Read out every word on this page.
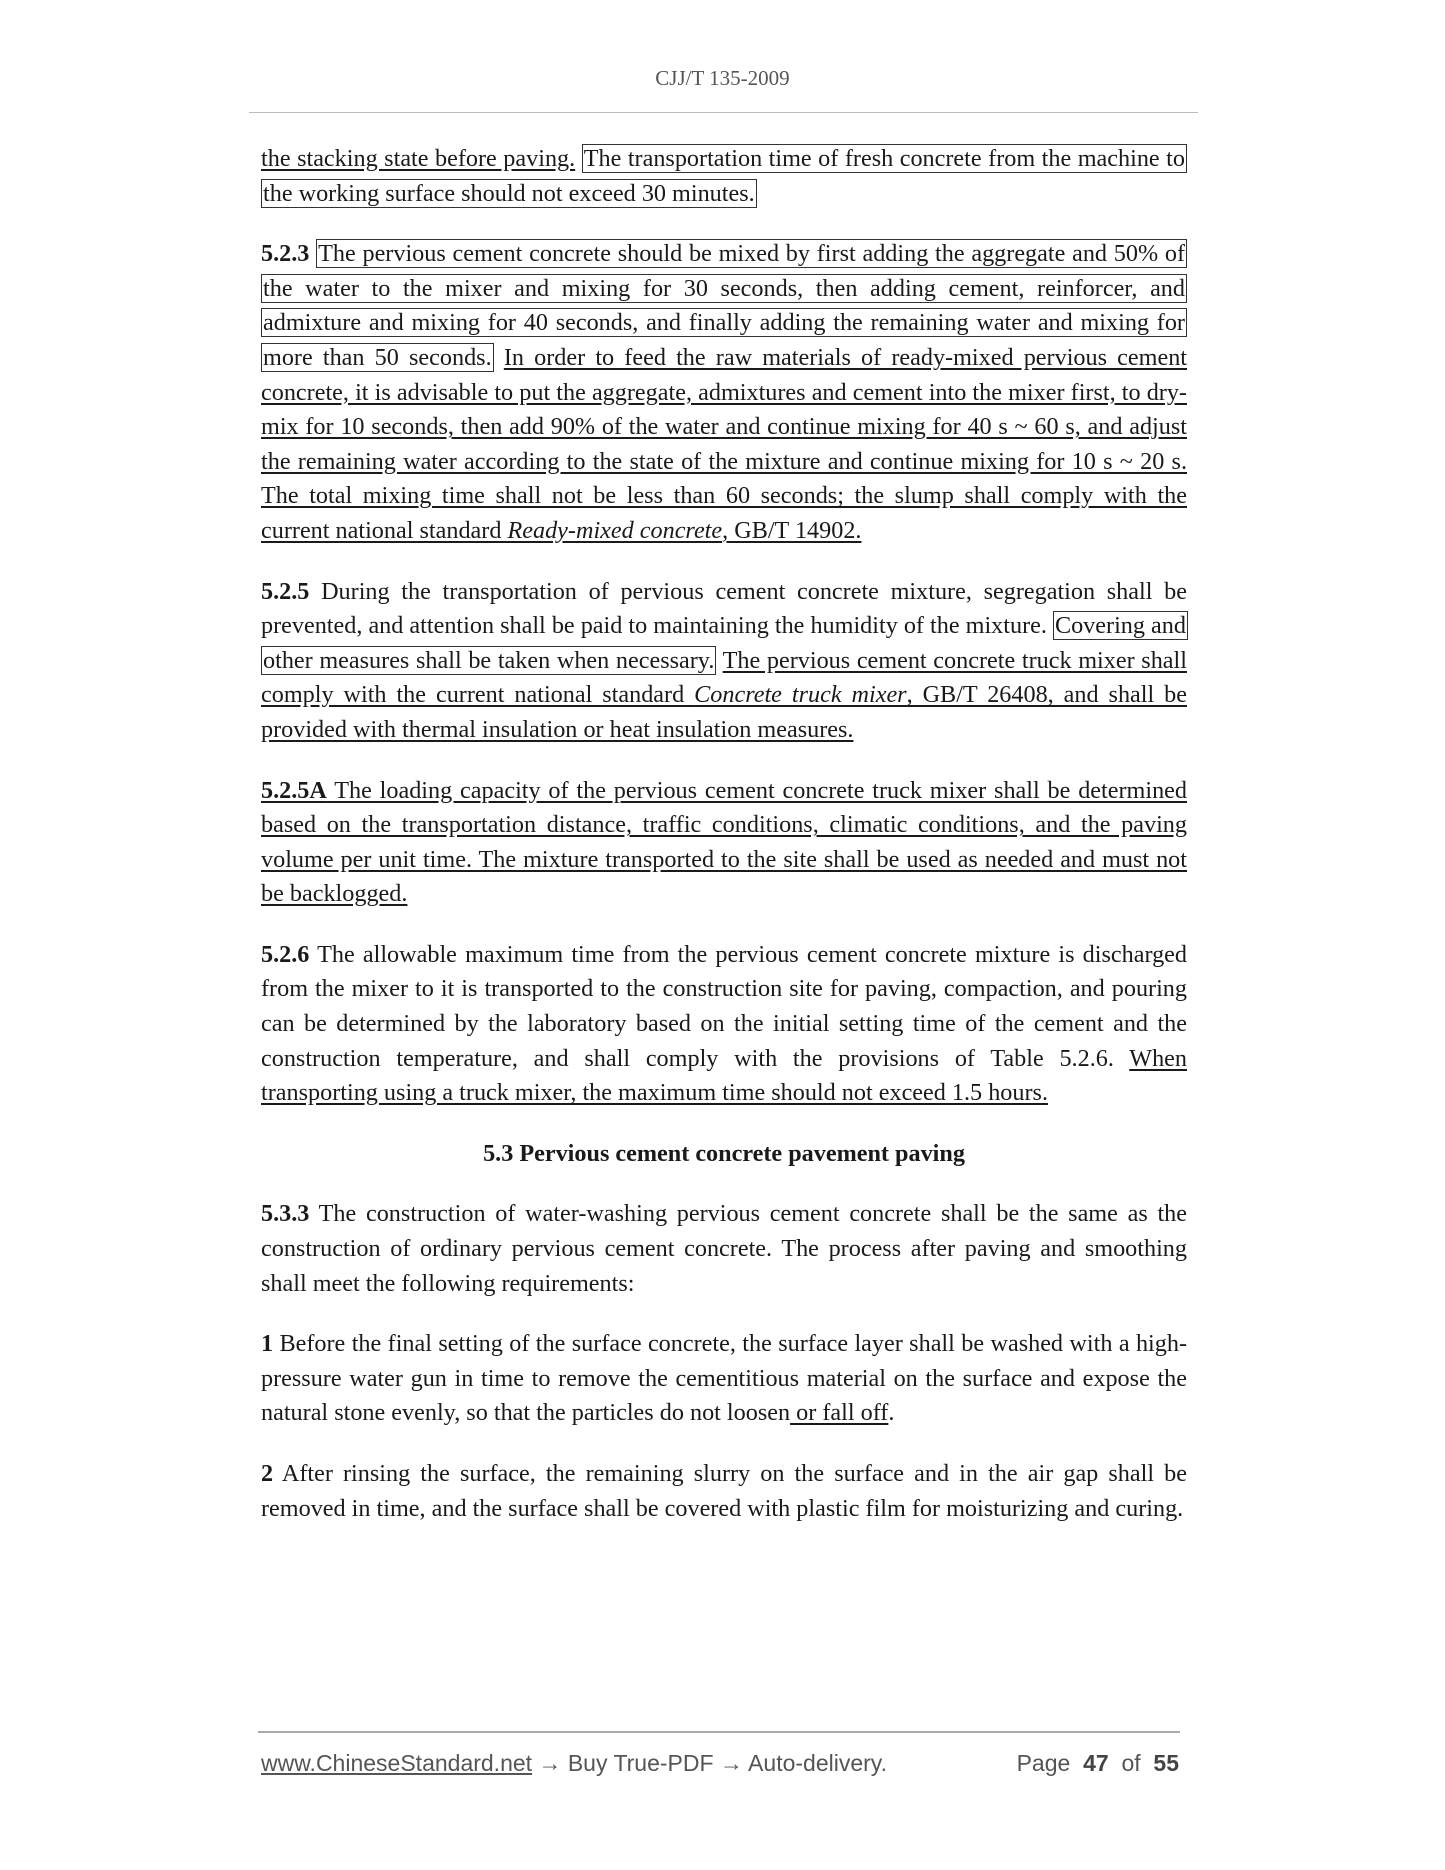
CJJ/T 135-2009

the stacking state before paving. The transportation time of fresh concrete from the machine to the working surface should not exceed 30 minutes.

5.2.3 The pervious cement concrete should be mixed by first adding the aggregate and 50% of the water to the mixer and mixing for 30 seconds, then adding cement, reinforcer, and admixture and mixing for 40 seconds, and finally adding the remaining water and mixing for more than 50 seconds. In order to feed the raw materials of ready-mixed pervious cement concrete, it is advisable to put the aggregate, admixtures and cement into the mixer first, to dry-mix for 10 seconds, then add 90% of the water and continue mixing for 40 s ~ 60 s, and adjust the remaining water according to the state of the mixture and continue mixing for 10 s ~ 20 s. The total mixing time shall not be less than 60 seconds; the slump shall comply with the current national standard Ready-mixed concrete, GB/T 14902.

5.2.5 During the transportation of pervious cement concrete mixture, segregation shall be prevented, and attention shall be paid to maintaining the humidity of the mixture. Covering and other measures shall be taken when necessary. The pervious cement concrete truck mixer shall comply with the current national standard Concrete truck mixer, GB/T 26408, and shall be provided with thermal insulation or heat insulation measures.

5.2.5A The loading capacity of the pervious cement concrete truck mixer shall be determined based on the transportation distance, traffic conditions, climatic conditions, and the paving volume per unit time. The mixture transported to the site shall be used as needed and must not be backlogged.

5.2.6 The allowable maximum time from the pervious cement concrete mixture is discharged from the mixer to it is transported to the construction site for paving, compaction, and pouring can be determined by the laboratory based on the initial setting time of the cement and the construction temperature, and shall comply with the provisions of Table 5.2.6. When transporting using a truck mixer, the maximum time should not exceed 1.5 hours.

5.3 Pervious cement concrete pavement paving

5.3.3 The construction of water-washing pervious cement concrete shall be the same as the construction of ordinary pervious cement concrete. The process after paving and smoothing shall meet the following requirements:

1 Before the final setting of the surface concrete, the surface layer shall be washed with a high-pressure water gun in time to remove the cementitious material on the surface and expose the natural stone evenly, so that the particles do not loosen or fall off.

2 After rinsing the surface, the remaining slurry on the surface and in the air gap shall be removed in time, and the surface shall be covered with plastic film for moisturizing and curing.

www.ChineseStandard.net → Buy True-PDF → Auto-delivery.	Page 47 of 55
